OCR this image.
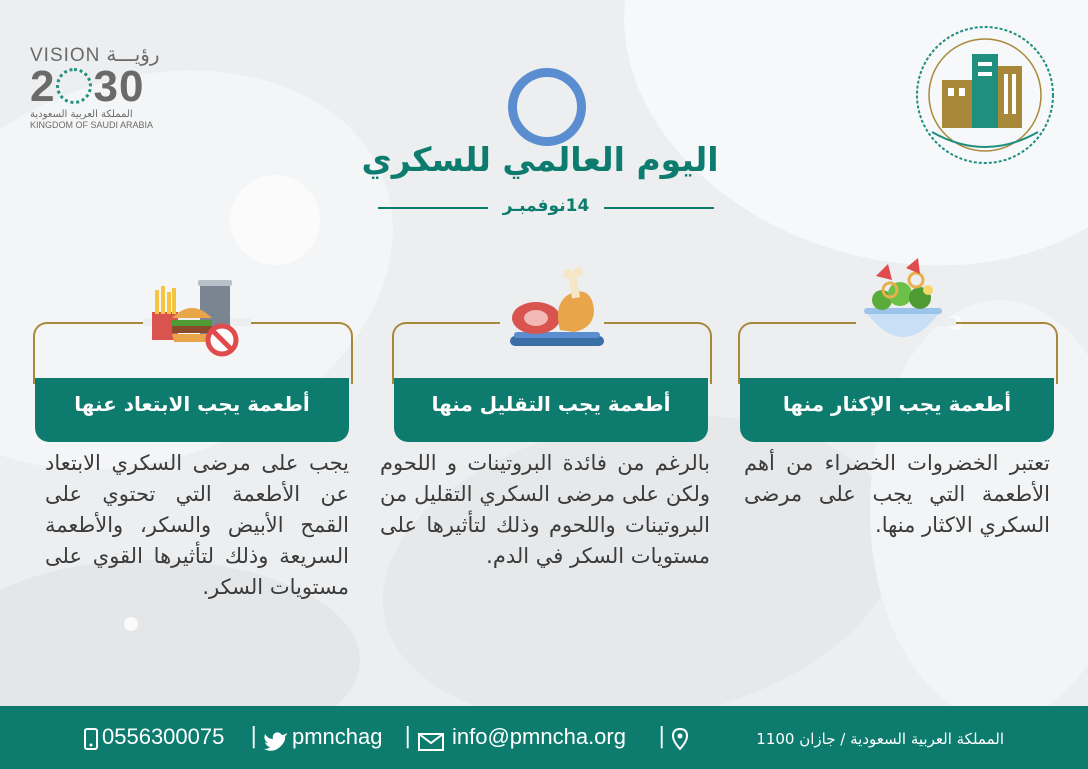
VISION رؤيـــة
2 30
المملكة العربية السعودية
KINGDOM OF SAUDI ARABIA
اليوم العالمي للسكري
14نوفمبـر
أطعمة يجب الإكثار منها
تعتبر الخضروات الخضراء من أهم الأطعمة التي يجب على مرضى السكري الاكثار منها.
أطعمة يجب التقليل منها
بالرغم من فائدة البروتينات و اللحوم ولكن على مرضى السكري التقليل من البروتينات واللحوم وذلك لتأثيرها على مستويات السكر في الدم.
أطعمة يجب الابتعاد عنها
يجب على مرضى السكري الابتعاد عن الأطعمة التي تحتوي على القمح الأبيض والسكر، والأطعمة السريعة وذلك لتأثيرها القوي على مستويات السكر.
0556300075 | pmnchag | info@pmncha.org |	المملكة العربية السعودية / جازان 1100
